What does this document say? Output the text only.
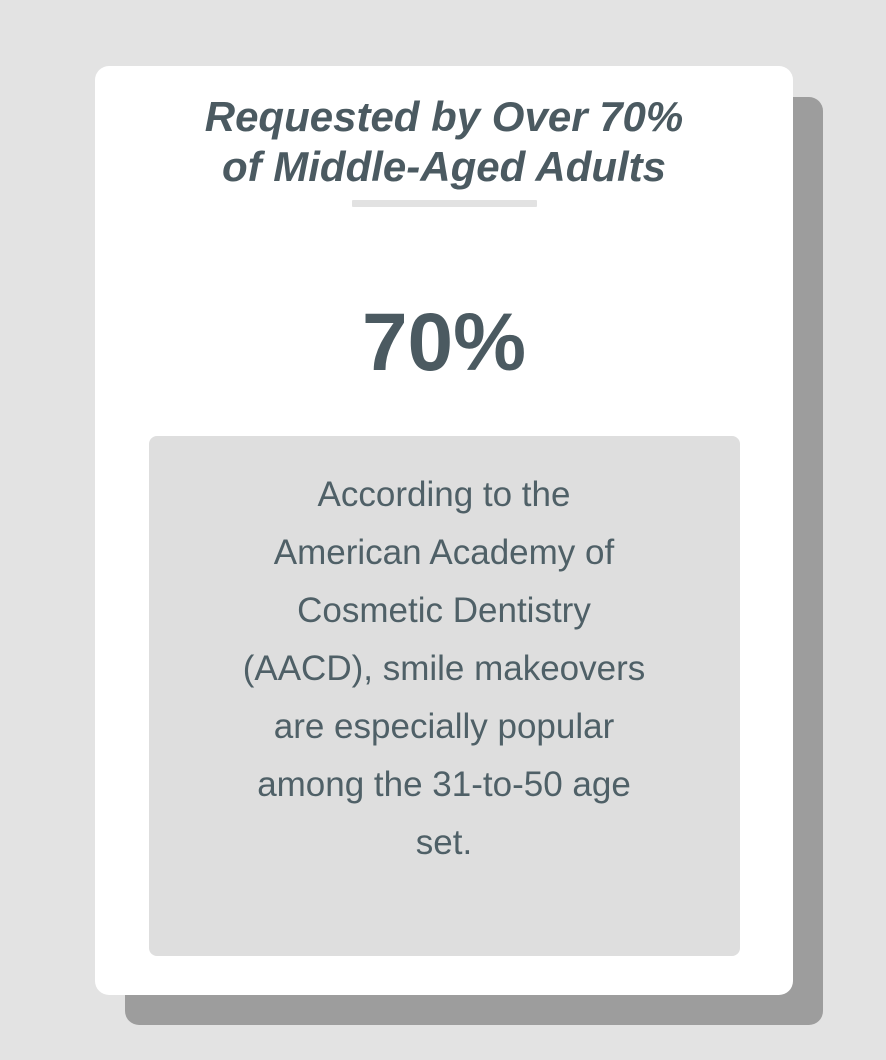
Requested by Over 70%
of Middle-Aged Adults
70%

According to the
American Academy of
Cosmetic Dentistry
(AACD), smile makeovers
are especially popular
among the 31-to-50 age
set.
